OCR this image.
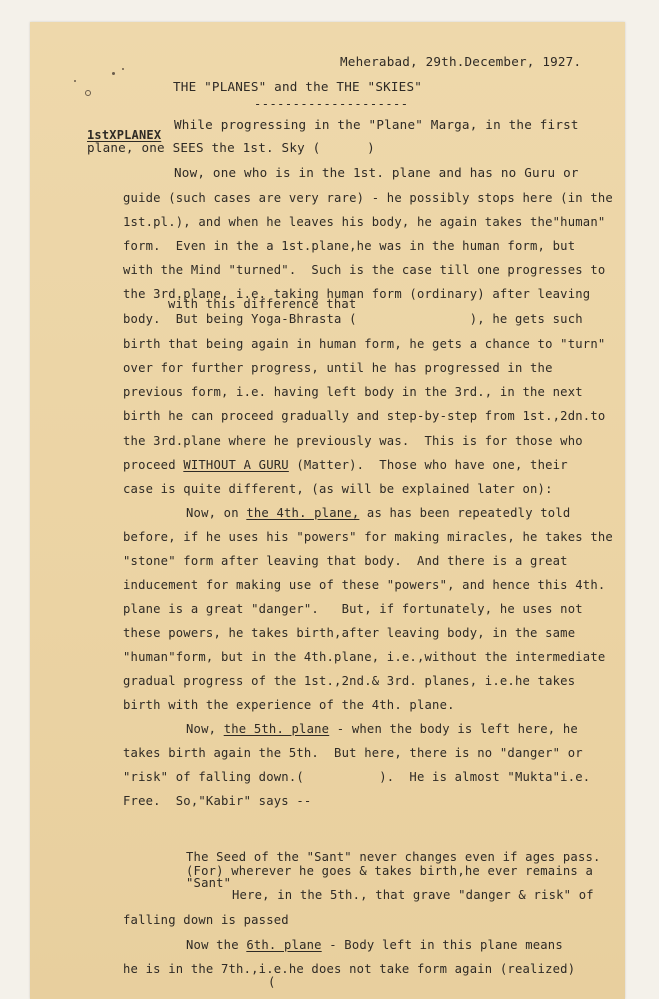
Meherabad, 29th.December, 1927.
THE "PLANES" and the THE "SKIES"
--------------------
1stXPLANEX
While progressing in the "Plane" Marga, in the first
plane, one SEES the 1st. Sky (      )
Now, one who is in the 1st. plane and has no Guru or
guide (such cases are very rare) - he possibly stops here (in the
1st.pl.), and when he leaves his body, he again takes the"human"
form.  Even in the a 1st.plane,he was in the human form, but
with the Mind "turned".  Such is the case till one progresses to
the 3rd.plane, i.e. taking human form (ordinary) after leaving
with this difference that
body.  But being Yoga-Bhrasta (               ), he gets such
birth that being again in human form, he gets a chance to "turn"
over for further progress, until he has progressed in the
previous form, i.e. having left body in the 3rd., in the next
birth he can proceed gradually and step-by-step from 1st.,2dn.to
the 3rd.plane where he previously was.  This is for those who
proceed WITHOUT A GURU (Matter).  Those who have one, their
case is quite different, (as will be explained later on):
Now, on the 4th. plane, as has been repeatedly told
before, if he uses his "powers" for making miracles, he takes the
"stone" form after leaving that body.  And there is a great
inducement for making use of these "powers", and hence this 4th.
plane is a great "danger".   But, if fortunately, he uses not
these powers, he takes birth,after leaving body, in the same
"human"form, but in the 4th.plane, i.e.,without the intermediate
gradual progress of the 1st.,2nd.& 3rd. planes, i.e.he takes
birth with the experience of the 4th. plane.
Now, the 5th. plane - when the body is left here, he
takes birth again the 5th.  But here, there is no "danger" or
"risk" of falling down.(          ).  He is almost "Mukta"i.e.
Free.  So,"Kabir" says --
The Seed of the "Sant" never changes even if ages pass.
(For) wherever he goes & takes birth,he ever remains a
"Sant"
Here, in the 5th., that grave "danger & risk" of
falling down is passed
Now the 6th. plane - Body left in this plane means
he is in the 7th.,i.e.he does not take form again (realized)
(
